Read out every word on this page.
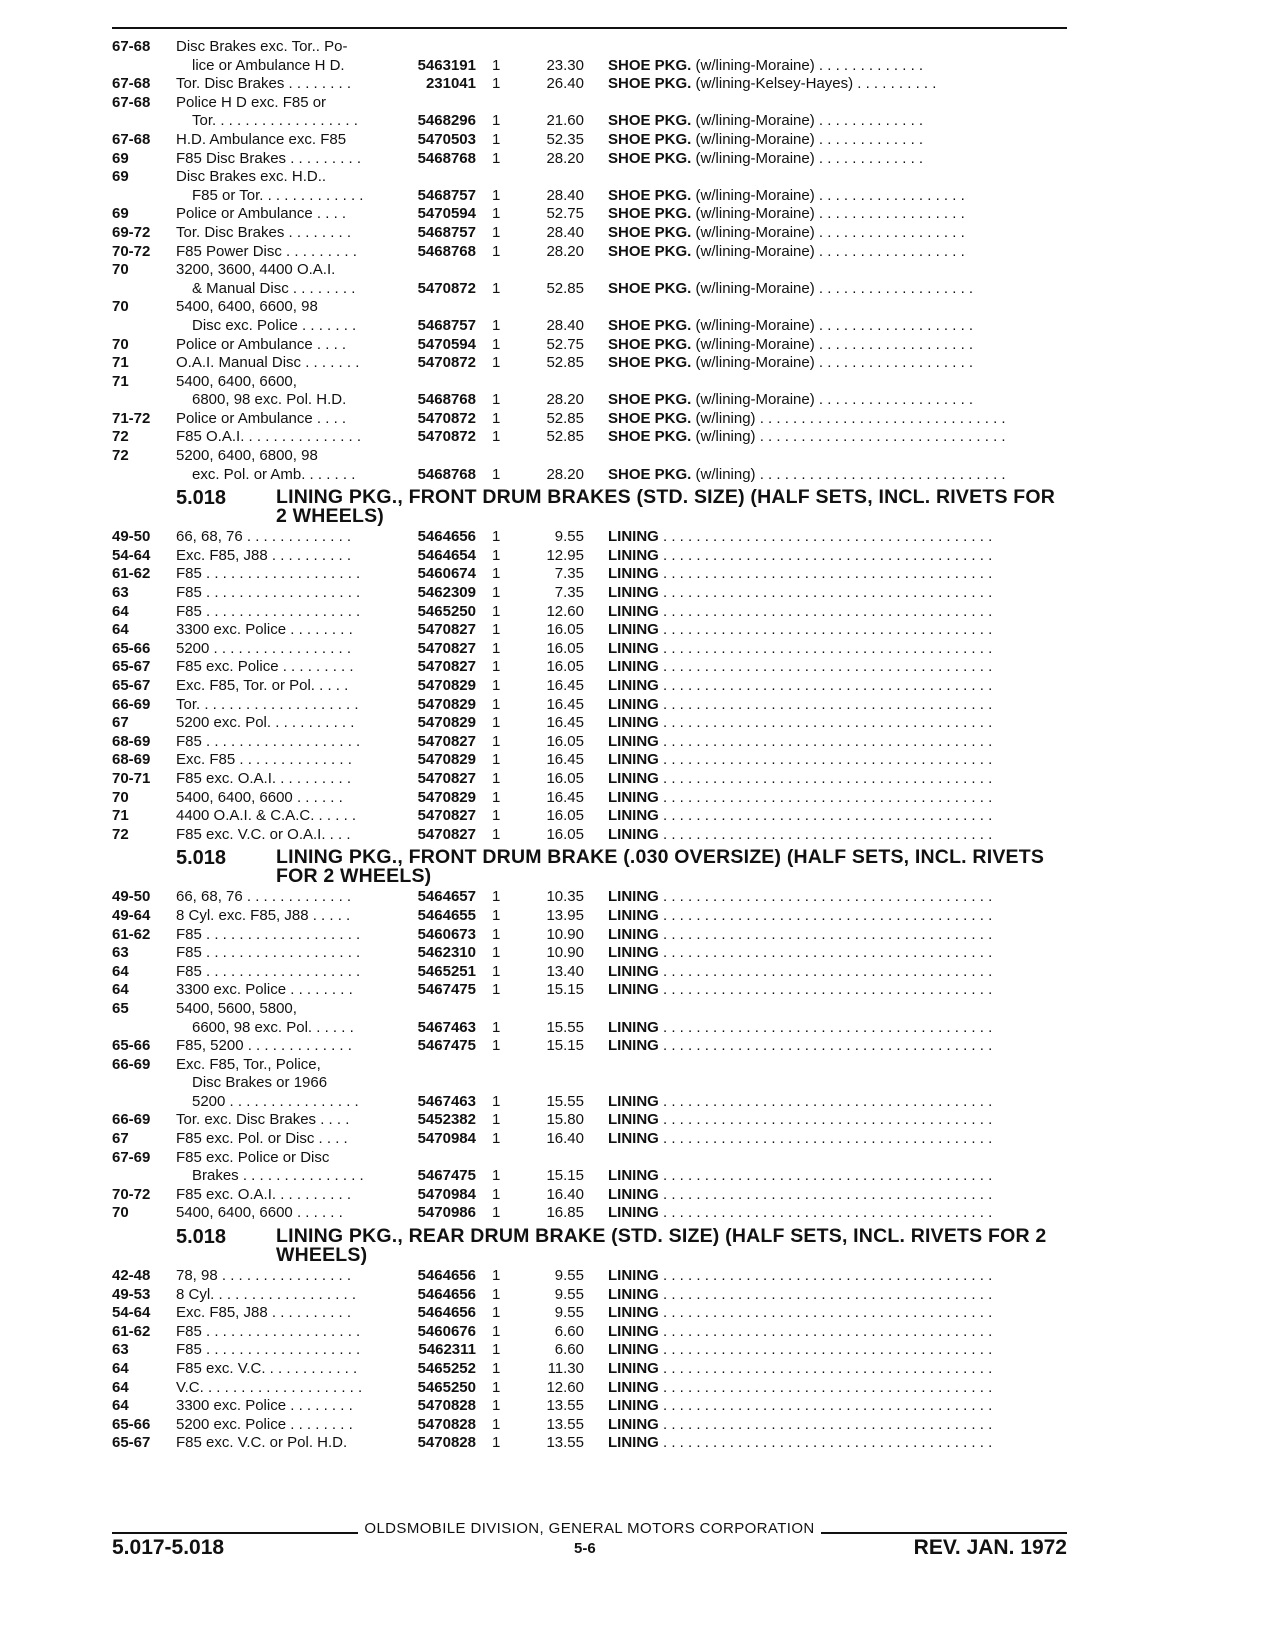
67-68	Disc Brakes exc. Tor.. Po-
lice or Ambulance H D.	5463191	1	23.30	SHOE PKG. (w/lining-Moraine) . . . . . . . . . . . . .
67-68	Tor. Disc Brakes . . . . . . . .	231041	1	26.40	SHOE PKG. (w/lining-Kelsey-Hayes) . . . . . . . . . .
67-68	Police H D exc. F85 or
Tor. . . . . . . . . . . . . . . . . .	5468296	1	21.60	SHOE PKG. (w/lining-Moraine) . . . . . . . . . . . . .
67-68	H.D. Ambulance exc. F85	5470503	1	52.35	SHOE PKG. (w/lining-Moraine) . . . . . . . . . . . . .
69	F85 Disc Brakes . . . . . . . . .	5468768	1	28.20	SHOE PKG. (w/lining-Moraine) . . . . . . . . . . . . .
69	Disc Brakes exc. H.D..
F85 or Tor. . . . . . . . . . . . .	5468757	1	28.40	SHOE PKG. (w/lining-Moraine) . . . . . . . . . . . . . . . . . .
69	Police or Ambulance . . . .	5470594	1	52.75	SHOE PKG. (w/lining-Moraine) . . . . . . . . . . . . . . . . . .
69-72	Tor. Disc Brakes . . . . . . . .	5468757	1	28.40	SHOE PKG. (w/lining-Moraine) . . . . . . . . . . . . . . . . . .
70-72	F85 Power Disc . . . . . . . . .	5468768	1	28.20	SHOE PKG. (w/lining-Moraine) . . . . . . . . . . . . . . . . . .
70	3200, 3600, 4400 O.A.I.
& Manual Disc . . . . . . . .	5470872	1	52.85	SHOE PKG. (w/lining-Moraine) . . . . . . . . . . . . . . . . . . .
70	5400, 6400, 6600, 98
Disc exc. Police . . . . . . .	5468757	1	28.40	SHOE PKG. (w/lining-Moraine) . . . . . . . . . . . . . . . . . . .
70	Police or Ambulance . . . .	5470594	1	52.75	SHOE PKG. (w/lining-Moraine) . . . . . . . . . . . . . . . . . . .
71	O.A.I. Manual Disc . . . . . . .	5470872	1	52.85	SHOE PKG. (w/lining-Moraine) . . . . . . . . . . . . . . . . . . .
71	5400, 6400, 6600,
6800, 98 exc. Pol. H.D.	5468768	1	28.20	SHOE PKG. (w/lining-Moraine) . . . . . . . . . . . . . . . . . . .
71-72	Police or Ambulance . . . .	5470872	1	52.85	SHOE PKG. (w/lining) . . . . . . . . . . . . . . . . . . . . . . . . . . . . . .
72	F85 O.A.I. . . . . . . . . . . . . . .	5470872	1	52.85	SHOE PKG. (w/lining) . . . . . . . . . . . . . . . . . . . . . . . . . . . . . .
72	5200, 6400, 6800, 98
exc. Pol. or Amb. . . . . . .	5468768	1	28.20	SHOE PKG. (w/lining) . . . . . . . . . . . . . . . . . . . . . . . . . . . . . .
5.018	LINING PKG., FRONT DRUM BRAKES (STD. SIZE) (HALF SETS, INCL. RIVETS FOR 2 WHEELS)
49-50	66, 68, 76 . . . . . . . . . . . . .	5464656	1	9.55	LINING . . . . . . . . . . . . . . . . . . . . . . . . . . . . . . . . . . . . . . . .
54-64	Exc. F85, J88 . . . . . . . . . .	5464654	1	12.95	LINING . . . . . . . . . . . . . . . . . . . . . . . . . . . . . . . . . . . . . . . .
61-62	F85 . . . . . . . . . . . . . . . . . . .	5460674	1	7.35	LINING . . . . . . . . . . . . . . . . . . . . . . . . . . . . . . . . . . . . . . . .
63	F85 . . . . . . . . . . . . . . . . . . .	5462309	1	7.35	LINING . . . . . . . . . . . . . . . . . . . . . . . . . . . . . . . . . . . . . . . .
64	F85 . . . . . . . . . . . . . . . . . . .	5465250	1	12.60	LINING . . . . . . . . . . . . . . . . . . . . . . . . . . . . . . . . . . . . . . . .
64	3300 exc. Police . . . . . . . .	5470827	1	16.05	LINING . . . . . . . . . . . . . . . . . . . . . . . . . . . . . . . . . . . . . . . .
65-66	5200 . . . . . . . . . . . . . . . . .	5470827	1	16.05	LINING . . . . . . . . . . . . . . . . . . . . . . . . . . . . . . . . . . . . . . . .
65-67	F85 exc. Police . . . . . . . . .	5470827	1	16.05	LINING . . . . . . . . . . . . . . . . . . . . . . . . . . . . . . . . . . . . . . . .
65-67	Exc. F85, Tor. or Pol. . . . .	5470829	1	16.45	LINING . . . . . . . . . . . . . . . . . . . . . . . . . . . . . . . . . . . . . . . .
66-69	Tor. . . . . . . . . . . . . . . . . . . .	5470829	1	16.45	LINING . . . . . . . . . . . . . . . . . . . . . . . . . . . . . . . . . . . . . . . .
67	5200 exc. Pol. . . . . . . . . . .	5470829	1	16.45	LINING . . . . . . . . . . . . . . . . . . . . . . . . . . . . . . . . . . . . . . . .
68-69	F85 . . . . . . . . . . . . . . . . . . .	5470827	1	16.05	LINING . . . . . . . . . . . . . . . . . . . . . . . . . . . . . . . . . . . . . . . .
68-69	Exc. F85 . . . . . . . . . . . . . .	5470829	1	16.45	LINING . . . . . . . . . . . . . . . . . . . . . . . . . . . . . . . . . . . . . . . .
70-71	F85 exc. O.A.I. . . . . . . . . .	5470827	1	16.05	LINING . . . . . . . . . . . . . . . . . . . . . . . . . . . . . . . . . . . . . . . .
70	5400, 6400, 6600 . . . . . .	5470829	1	16.45	LINING . . . . . . . . . . . . . . . . . . . . . . . . . . . . . . . . . . . . . . . .
71	4400 O.A.I. & C.A.C. . . . . .	5470827	1	16.05	LINING . . . . . . . . . . . . . . . . . . . . . . . . . . . . . . . . . . . . . . . .
72	F85 exc. V.C. or O.A.I. . . .	5470827	1	16.05	LINING . . . . . . . . . . . . . . . . . . . . . . . . . . . . . . . . . . . . . . . .
5.018	LINING PKG., FRONT DRUM BRAKE (.030 OVERSIZE) (HALF SETS, INCL. RIVETS FOR 2 WHEELS)
49-50	66, 68, 76 . . . . . . . . . . . . .	5464657	1	10.35	LINING . . . . . . . . . . . . . . . . . . . . . . . . . . . . . . . . . . . . . . . .
49-64	8 Cyl. exc. F85, J88 . . . . .	5464655	1	13.95	LINING . . . . . . . . . . . . . . . . . . . . . . . . . . . . . . . . . . . . . . . .
61-62	F85 . . . . . . . . . . . . . . . . . . .	5460673	1	10.90	LINING . . . . . . . . . . . . . . . . . . . . . . . . . . . . . . . . . . . . . . . .
63	F85 . . . . . . . . . . . . . . . . . . .	5462310	1	10.90	LINING . . . . . . . . . . . . . . . . . . . . . . . . . . . . . . . . . . . . . . . .
64	F85 . . . . . . . . . . . . . . . . . . .	5465251	1	13.40	LINING . . . . . . . . . . . . . . . . . . . . . . . . . . . . . . . . . . . . . . . .
64	3300 exc. Police . . . . . . . .	5467475	1	15.15	LINING . . . . . . . . . . . . . . . . . . . . . . . . . . . . . . . . . . . . . . . .
65	5400, 5600, 5800,
6600, 98 exc. Pol. . . . . .	5467463	1	15.55	LINING . . . . . . . . . . . . . . . . . . . . . . . . . . . . . . . . . . . . . . . .
65-66	F85, 5200 . . . . . . . . . . . . .	5467475	1	15.15	LINING . . . . . . . . . . . . . . . . . . . . . . . . . . . . . . . . . . . . . . . .
66-69	Exc. F85, Tor., Police,
Disc Brakes or 1966
5200 . . . . . . . . . . . . . . . .	5467463	1	15.55	LINING . . . . . . . . . . . . . . . . . . . . . . . . . . . . . . . . . . . . . . . .
66-69	Tor. exc. Disc Brakes . . . .	5452382	1	15.80	LINING . . . . . . . . . . . . . . . . . . . . . . . . . . . . . . . . . . . . . . . .
67	F85 exc. Pol. or Disc . . . .	5470984	1	16.40	LINING . . . . . . . . . . . . . . . . . . . . . . . . . . . . . . . . . . . . . . . .
67-69	F85 exc. Police or Disc
Brakes . . . . . . . . . . . . . . .	5467475	1	15.15	LINING . . . . . . . . . . . . . . . . . . . . . . . . . . . . . . . . . . . . . . . .
70-72	F85 exc. O.A.I. . . . . . . . . .	5470984	1	16.40	LINING . . . . . . . . . . . . . . . . . . . . . . . . . . . . . . . . . . . . . . . .
70	5400, 6400, 6600 . . . . . .	5470986	1	16.85	LINING . . . . . . . . . . . . . . . . . . . . . . . . . . . . . . . . . . . . . . . .
5.018	LINING PKG., REAR DRUM BRAKE (STD. SIZE) (HALF SETS, INCL. RIVETS FOR 2 WHEELS)
42-48	78, 98 . . . . . . . . . . . . . . . .	5464656	1	9.55	LINING . . . . . . . . . . . . . . . . . . . . . . . . . . . . . . . . . . . . . . . .
49-53	8 Cyl. . . . . . . . . . . . . . . . . .	5464656	1	9.55	LINING . . . . . . . . . . . . . . . . . . . . . . . . . . . . . . . . . . . . . . . .
54-64	Exc. F85, J88 . . . . . . . . . .	5464656	1	9.55	LINING . . . . . . . . . . . . . . . . . . . . . . . . . . . . . . . . . . . . . . . .
61-62	F85 . . . . . . . . . . . . . . . . . . .	5460676	1	6.60	LINING . . . . . . . . . . . . . . . . . . . . . . . . . . . . . . . . . . . . . . . .
63	F85 . . . . . . . . . . . . . . . . . . .	5462311	1	6.60	LINING . . . . . . . . . . . . . . . . . . . . . . . . . . . . . . . . . . . . . . . .
64	F85 exc. V.C. . . . . . . . . . . .	5465252	1	11.30	LINING . . . . . . . . . . . . . . . . . . . . . . . . . . . . . . . . . . . . . . . .
64	V.C. . . . . . . . . . . . . . . . . . . .	5465250	1	12.60	LINING . . . . . . . . . . . . . . . . . . . . . . . . . . . . . . . . . . . . . . . .
64	3300 exc. Police . . . . . . . .	5470828	1	13.55	LINING . . . . . . . . . . . . . . . . . . . . . . . . . . . . . . . . . . . . . . . .
65-66	5200 exc. Police . . . . . . . .	5470828	1	13.55	LINING . . . . . . . . . . . . . . . . . . . . . . . . . . . . . . . . . . . . . . . .
65-67	F85 exc. V.C. or Pol. H.D.	5470828	1	13.55	LINING . . . . . . . . . . . . . . . . . . . . . . . . . . . . . . . . . . . . . . . .
OLDSMOBILE DIVISION, GENERAL MOTORS CORPORATION
5.017-5.018	5-6	REV. JAN. 1972
